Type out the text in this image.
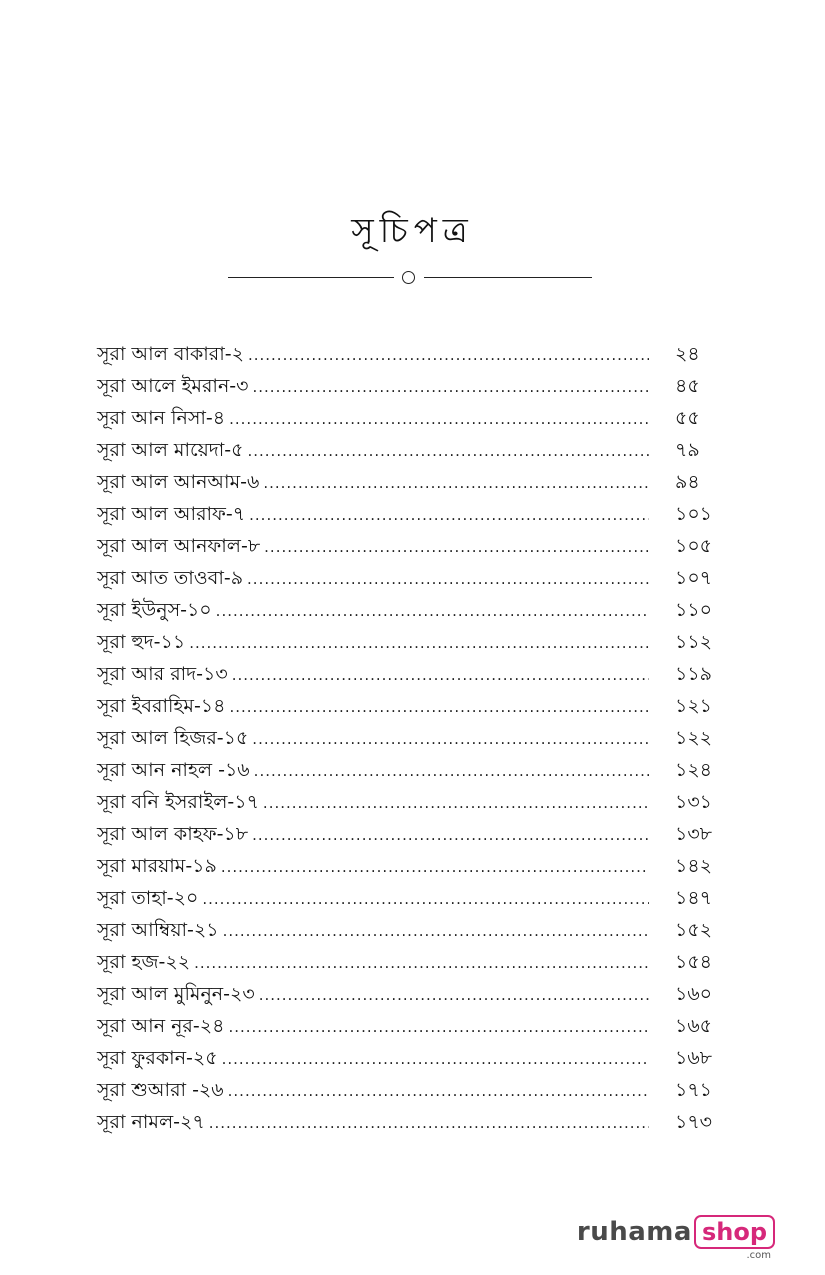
সূচিপত্র
সূরা আল বাকারা-২ .....	২৪
সূরা আলে ইমরান-৩ .....	৪৫
সূরা আন নিসা-৪ .....	৫৫
সূরা আল মায়েদা-৫ .....	৭৯
সূরা আল আনআম-৬ .....	৯৪
সূরা আল আরাফ-৭ .....	১০১
সূরা আল আনফাল-৮ .....	১০৫
সূরা আত তাওবা-৯ .....	১০৭
সূরা ইউনুস-১০ .....	১১০
সূরা হুদ-১১ .....	১১২
সূরা আর রাদ-১৩ .....	১১৯
সূরা ইবরাহিম-১৪ .....	১২১
সূরা আল হিজর-১৫ .....	১২২
সূরা আন নাহল -১৬ .....	১২৪
সূরা বনি ইসরাইল-১৭ .....	১৩১
সূরা আল কাহফ-১৮ .....	১৩৮
সূরা মারয়াম-১৯ .....	১৪২
সূরা তাহা-২০ .....	১৪৭
সূরা আম্বিয়া-২১ .....	১৫২
সূরা হজ-২২ .....	১৫৪
সূরা আল মুমিনুন-২৩ .....	১৬০
সূরা আন নূর-২৪ .....	১৬৫
সূরা ফুরকান-২৫ .....	১৬৮
সূরা শুআরা -২৬ .....	১৭১
সূরা নামল-২৭ .....	১৭৩
ruhama shop
.com
